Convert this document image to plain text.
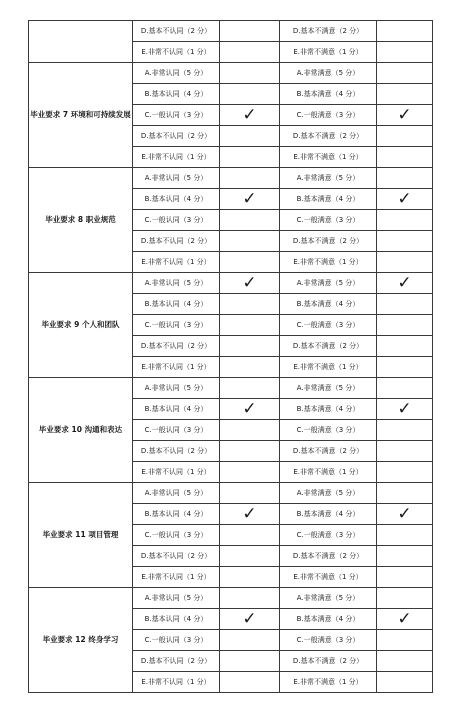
	D.基本不认同（2 分）		D.基本不满意（2 分）	
	E.非常不认同（1 分）		E.非常不满意（1 分）	
毕业要求 7 环境和可持续发展	A.非常认同（5 分）		A.非常满意（5 分）	
	B.基本认同（4 分）		B.基本满意（4 分）	
	C.一般认同（3 分）	✓	C.一般满意（3 分）	✓
	D.基本不认同（2 分）		D.基本不满意（2 分）	
	E.非常不认同（1 分）		E.非常不满意（1 分）	
毕业要求 8 职业规范	A.非常认同（5 分）		A.非常满意（5 分）	
	B.基本认同（4 分）	✓	B.基本满意（4 分）	✓
	C.一般认同（3 分）		C.一般满意（3 分）	
	D.基本不认同（2 分）		D.基本不满意（2 分）	
	E.非常不认同（1 分）		E.非常不满意（1 分）	
毕业要求 9 个人和团队	A.非常认同（5 分）	✓	A.非常满意（5 分）	✓
	B.基本认同（4 分）		B.基本满意（4 分）	
	C.一般认同（3 分）		C.一般满意（3 分）	
	D.基本不认同（2 分）		D.基本不满意（2 分）	
	E.非常不认同（1 分）		E.非常不满意（1 分）	
毕业要求 10 沟通和表达	A.非常认同（5 分）		A.非常满意（5 分）	
	B.基本认同（4 分）	✓	B.基本满意（4 分）	✓
	C.一般认同（3 分）		C.一般满意（3 分）	
	D.基本不认同（2 分）		D.基本不满意（2 分）	
	E.非常不认同（1 分）		E.非常不满意（1 分）	
毕业要求 11 项目管理	A.非常认同（5 分）		A.非常满意（5 分）	
	B.基本认同（4 分）	✓	B.基本满意（4 分）	✓
	C.一般认同（3 分）		C.一般满意（3 分）	
	D.基本不认同（2 分）		D.基本不满意（2 分）	
	E.非常不认同（1 分）		E.非常不满意（1 分）	
毕业要求 12 终身学习	A.非常认同（5 分）		A.非常满意（5 分）	
	B.基本认同（4 分）	✓	B.基本满意（4 分）	✓
	C.一般认同（3 分）		C.一般满意（3 分）	
	D.基本不认同（2 分）		D.基本不满意（2 分）	
	E.非常不认同（1 分）		E.非常不满意（1 分）	
